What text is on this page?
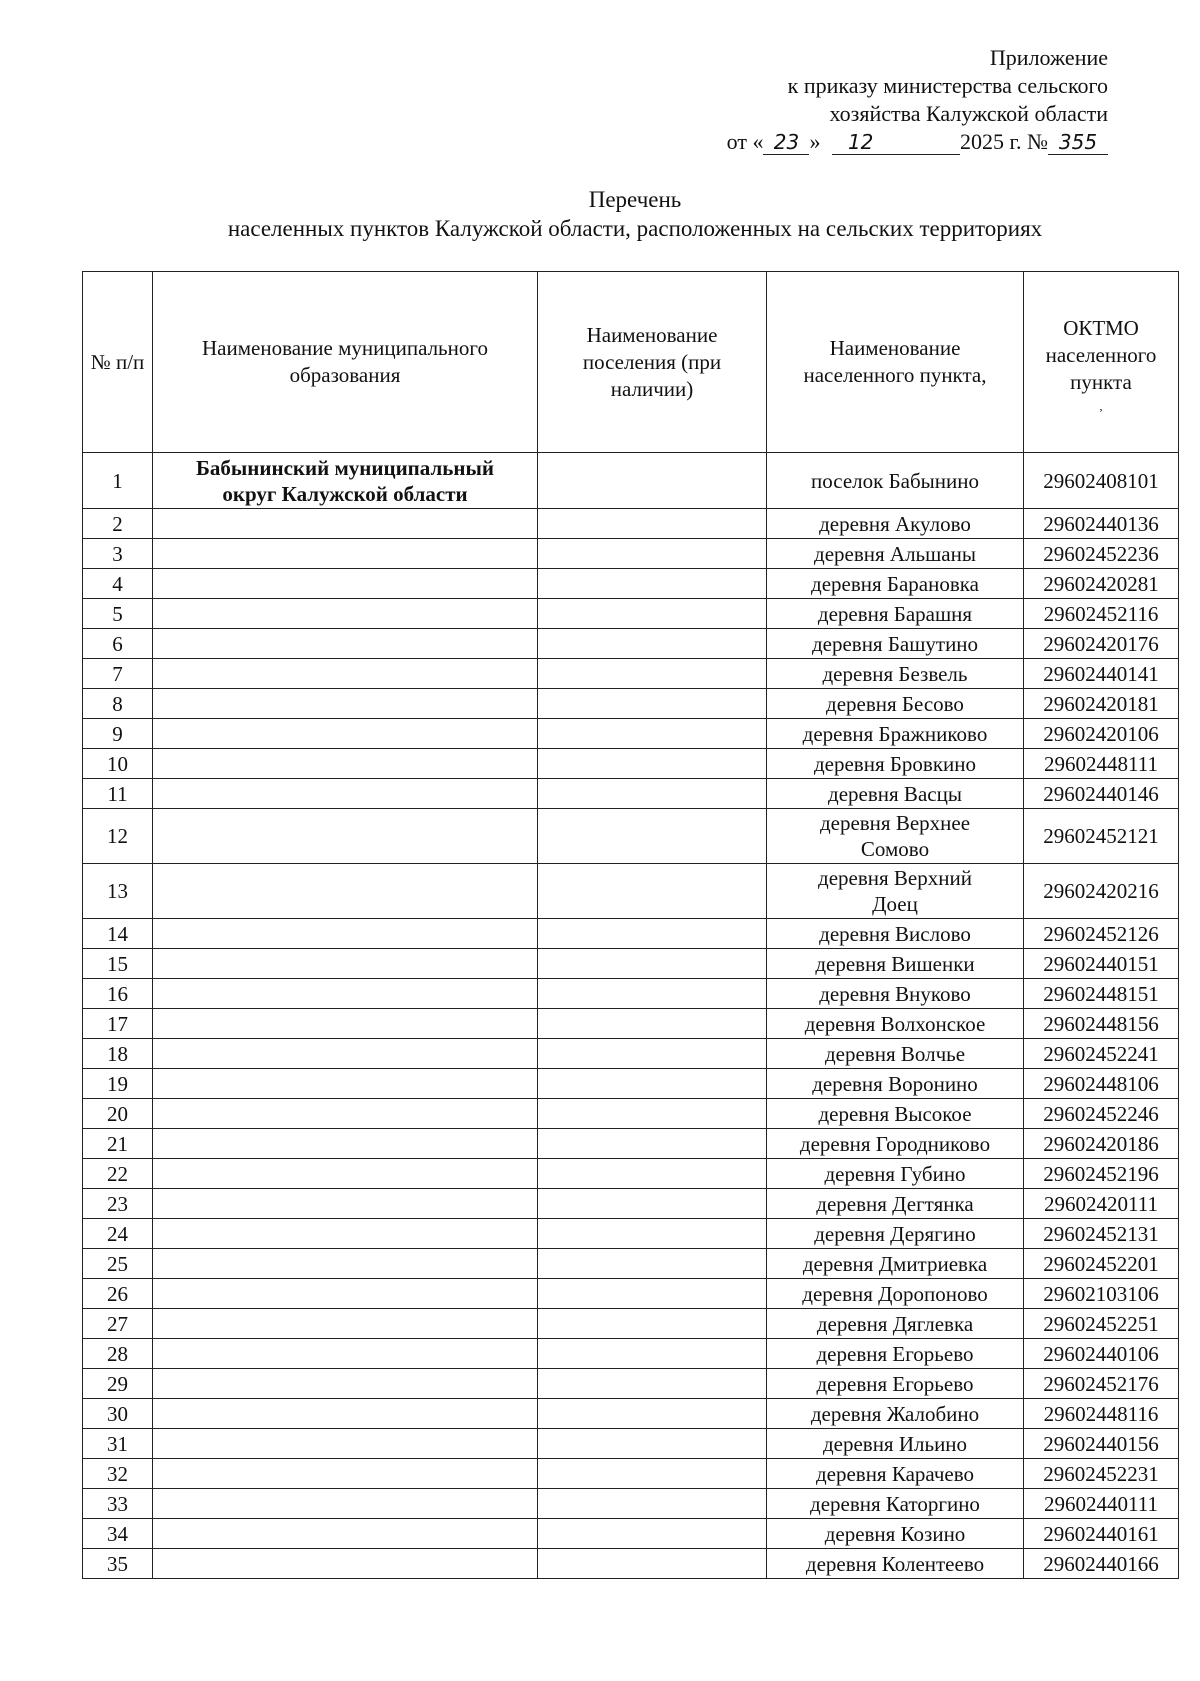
Приложение
к приказу министерства сельского
хозяйства Калужской области
от « 23 » 12	2025 г. № 355
Перечень
населенных пунктов Калужской области, расположенных на сельских территориях
№ п/п	Наименование муниципального образования	Наименование поселения (при наличии)	Наименование населенного пункта,	ОКТМО населенного пункта
,

1	Бабынинский муниципальный округ Калужской области		поселок Бабынино	29602408101
2			деревня Акулово	29602440136
3			деревня Альшаны	29602452236
4			деревня Барановка	29602420281
5			деревня Барашня	29602452116
6			деревня Башутино	29602420176
7			деревня Безвель	29602440141
8			деревня Бесово	29602420181
9			деревня Бражниково	29602420106
10			деревня Бровкино	29602448111
11			деревня Васцы	29602440146
12			деревня Верхнее Сомово	29602452121
13			деревня Верхний Доец	29602420216
14			деревня Вислово	29602452126
15			деревня Вишенки	29602440151
16			деревня Внуково	29602448151
17			деревня Волхонское	29602448156
18			деревня Волчье	29602452241
19			деревня Воронино	29602448106
20			деревня Высокое	29602452246
21			деревня Городниково	29602420186
22			деревня Губино	29602452196
23			деревня Дегтянка	29602420111
24			деревня Дерягино	29602452131
25			деревня Дмитриевка	29602452201
26			деревня Доропоново	29602103106
27			деревня Дяглевка	29602452251
28			деревня Егорьево	29602440106
29			деревня Егорьево	29602452176
30			деревня Жалобино	29602448116
31			деревня Ильино	29602440156
32			деревня Карачево	29602452231
33			деревня Каторгино	29602440111
34			деревня Козино	29602440161
35			деревня Колентеево	29602440166
